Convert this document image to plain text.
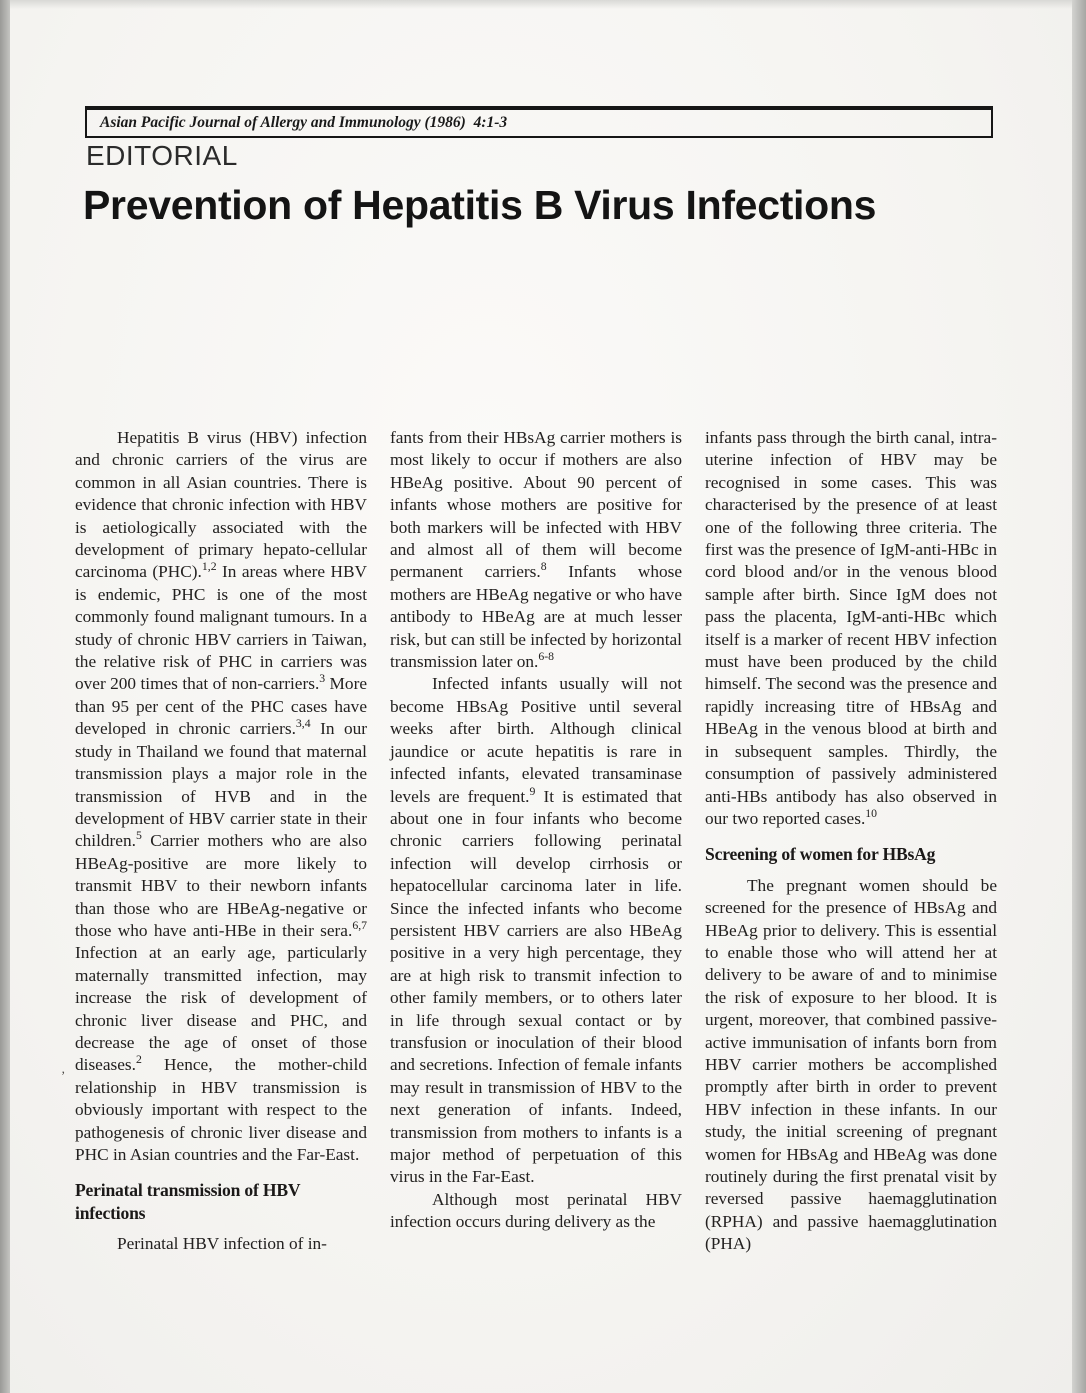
Asian Pacific Journal of Allergy and Immunology (1986)  4:1-3
EDITORIAL
Prevention of Hepatitis B Virus Infections

Hepatitis B virus (HBV) infection and chronic carriers of the virus are common in all Asian countries. There is evidence that chronic infection with HBV is aetiologically associated with the development of primary hepato-cellular carcinoma (PHC).$^{1,2}$ In areas where HBV is endemic, PHC is one of the most commonly found malignant tumours. In a study of chronic HBV carriers in Taiwan, the relative risk of PHC in carriers was over 200 times that of non-carriers.$^3$ More than 95 per cent of the PHC cases have developed in chronic carriers.$^{3,4}$ In our study in Thailand we found that maternal transmission plays a major role in the transmission of HVB and in the development of HBV carrier state in their children.$^5$ Carrier mothers who are also HBeAg-positive are more likely to transmit HBV to their newborn infants than those who are HBeAg-negative or those who have anti-HBe in their sera.$^{6,7}$ Infection at an early age, particularly maternally transmitted infection, may increase the risk of development of chronic liver disease and PHC, and decrease the age of onset of those diseases.$^2$ Hence, the mother-child relationship in HBV transmission is obviously important with respect to the pathogenesis of chronic liver disease and PHC in Asian countries and the Far-East.

Perinatal transmission of HBV infections

Perinatal HBV infection of in-

fants from their HBsAg carrier mothers is most likely to occur if mothers are also HBeAg positive. About 90 percent of infants whose mothers are positive for both markers will be infected with HBV and almost all of them will become permanent carriers.$^8$ Infants whose mothers are HBeAg negative or who have antibody to HBeAg are at much lesser risk, but can still be infected by horizontal transmission later on.$^{6-8}$

Infected infants usually will not become HBsAg Positive until several weeks after birth. Although clinical jaundice or acute hepatitis is rare in infected infants, elevated transaminase levels are frequent.$^9$ It is estimated that about one in four infants who become chronic carriers following perinatal infection will develop cirrhosis or hepatocellular carcinoma later in life. Since the infected infants who become persistent HBV carriers are also HBeAg positive in a very high percentage, they are at high risk to transmit infection to other family members, or to others later in life through sexual contact or by transfusion or inoculation of their blood and secretions. Infection of female infants may result in transmission of HBV to the next generation of infants. Indeed, transmission from mothers to infants is a major method of perpetuation of this virus in the Far-East.

Although most perinatal HBV infection occurs during delivery as the

infants pass through the birth canal, intra-uterine infection of HBV may be recognised in some cases. This was characterised by the presence of at least one of the following three criteria. The first was the presence of IgM-anti-HBc in cord blood and/or in the venous blood sample after birth. Since IgM does not pass the placenta, IgM-anti-HBc which itself is a marker of recent HBV infection must have been produced by the child himself. The second was the presence and rapidly increasing titre of HBsAg and HBeAg in the venous blood at birth and in subsequent samples. Thirdly, the consumption of passively administered anti-HBs antibody has also observed in our two reported cases.$^{10}$

Screening of women for HBsAg

The pregnant women should be screened for the presence of HBsAg and HBeAg prior to delivery. This is essential to enable those who will attend her at delivery to be aware of and to minimise the risk of exposure to her blood. It is urgent, moreover, that combined passive-active immunisation of infants born from HBV carrier mothers be accomplished promptly after birth in order to prevent HBV infection in these infants. In our study, the initial screening of pregnant women for HBsAg and HBeAg was done routinely during the first prenatal visit by reversed passive haemagglutination (RPHA) and passive haemagglutination (PHA)

’
